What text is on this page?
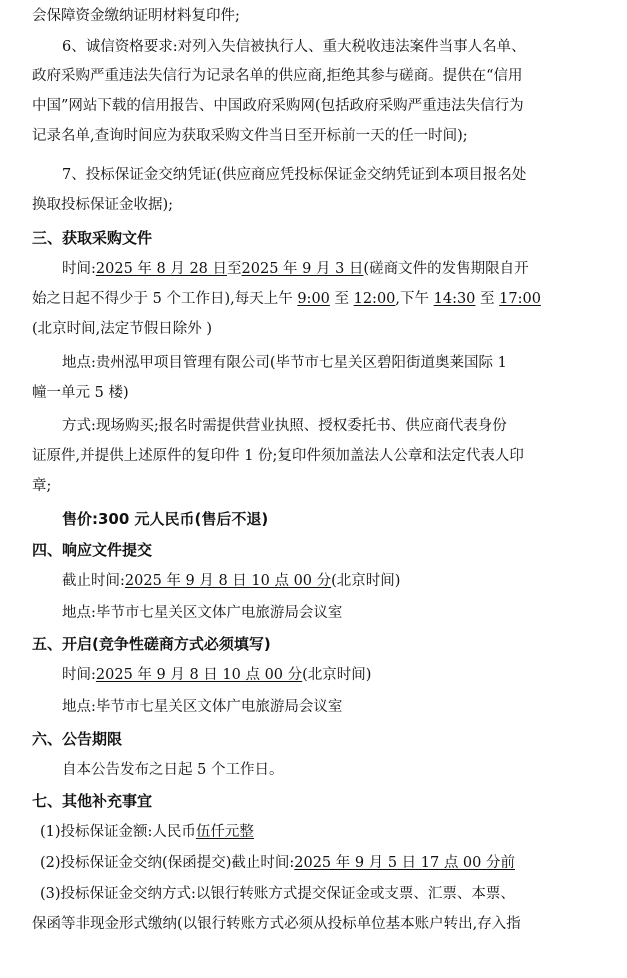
会保障资金缴纳证明材料复印件;
6、诚信资格要求:对列入失信被执行人、重大税收违法案件当事人名单、
政府采购严重违法失信行为记录名单的供应商,拒绝其参与磋商。提供在“信用
中国”网站下载的信用报告、中国政府采购网(包括政府采购严重违法失信行为
记录名单,查询时间应为获取采购文件当日至开标前一天的任一时间);
7、投标保证金交纳凭证(供应商应凭投标保证金交纳凭证到本项目报名处
换取投标保证金收据);
三、获取采购文件
时间:2025 年 8 月 28 日至2025 年 9 月 3 日(磋商文件的发售期限自开
始之日起不得少于 5 个工作日),每天上午 9:00 至 12:00,下午 14:30 至 17:00
(北京时间,法定节假日除外 )
地点:贵州泓甲项目管理有限公司(毕节市七星关区碧阳街道奥莱国际 1
幢一单元 5 楼)
方式:现场购买;报名时需提供营业执照、授权委托书、供应商代表身份
证原件,并提供上述原件的复印件 1 份;复印件须加盖法人公章和法定代表人印
章;
售价:300 元人民币(售后不退)
四、响应文件提交
截止时间:2025 年 9 月 8 日 10 点 00 分(北京时间)
地点:毕节市七星关区文体广电旅游局会议室
五、开启(竞争性磋商方式必须填写)
时间:2025 年 9 月 8 日 10 点 00 分(北京时间)
地点:毕节市七星关区文体广电旅游局会议室
六、公告期限
自本公告发布之日起 5 个工作日。
七、其他补充事宜
(1)投标保证金额:人民币伍仟元整
(2)投标保证金交纳(保函提交)截止时间:2025 年 9 月 5 日 17 点 00 分前
(3)投标保证金交纳方式:以银行转账方式提交保证金或支票、汇票、本票、
保函等非现金形式缴纳(以银行转账方式必须从投标单位基本账户转出,存入指
